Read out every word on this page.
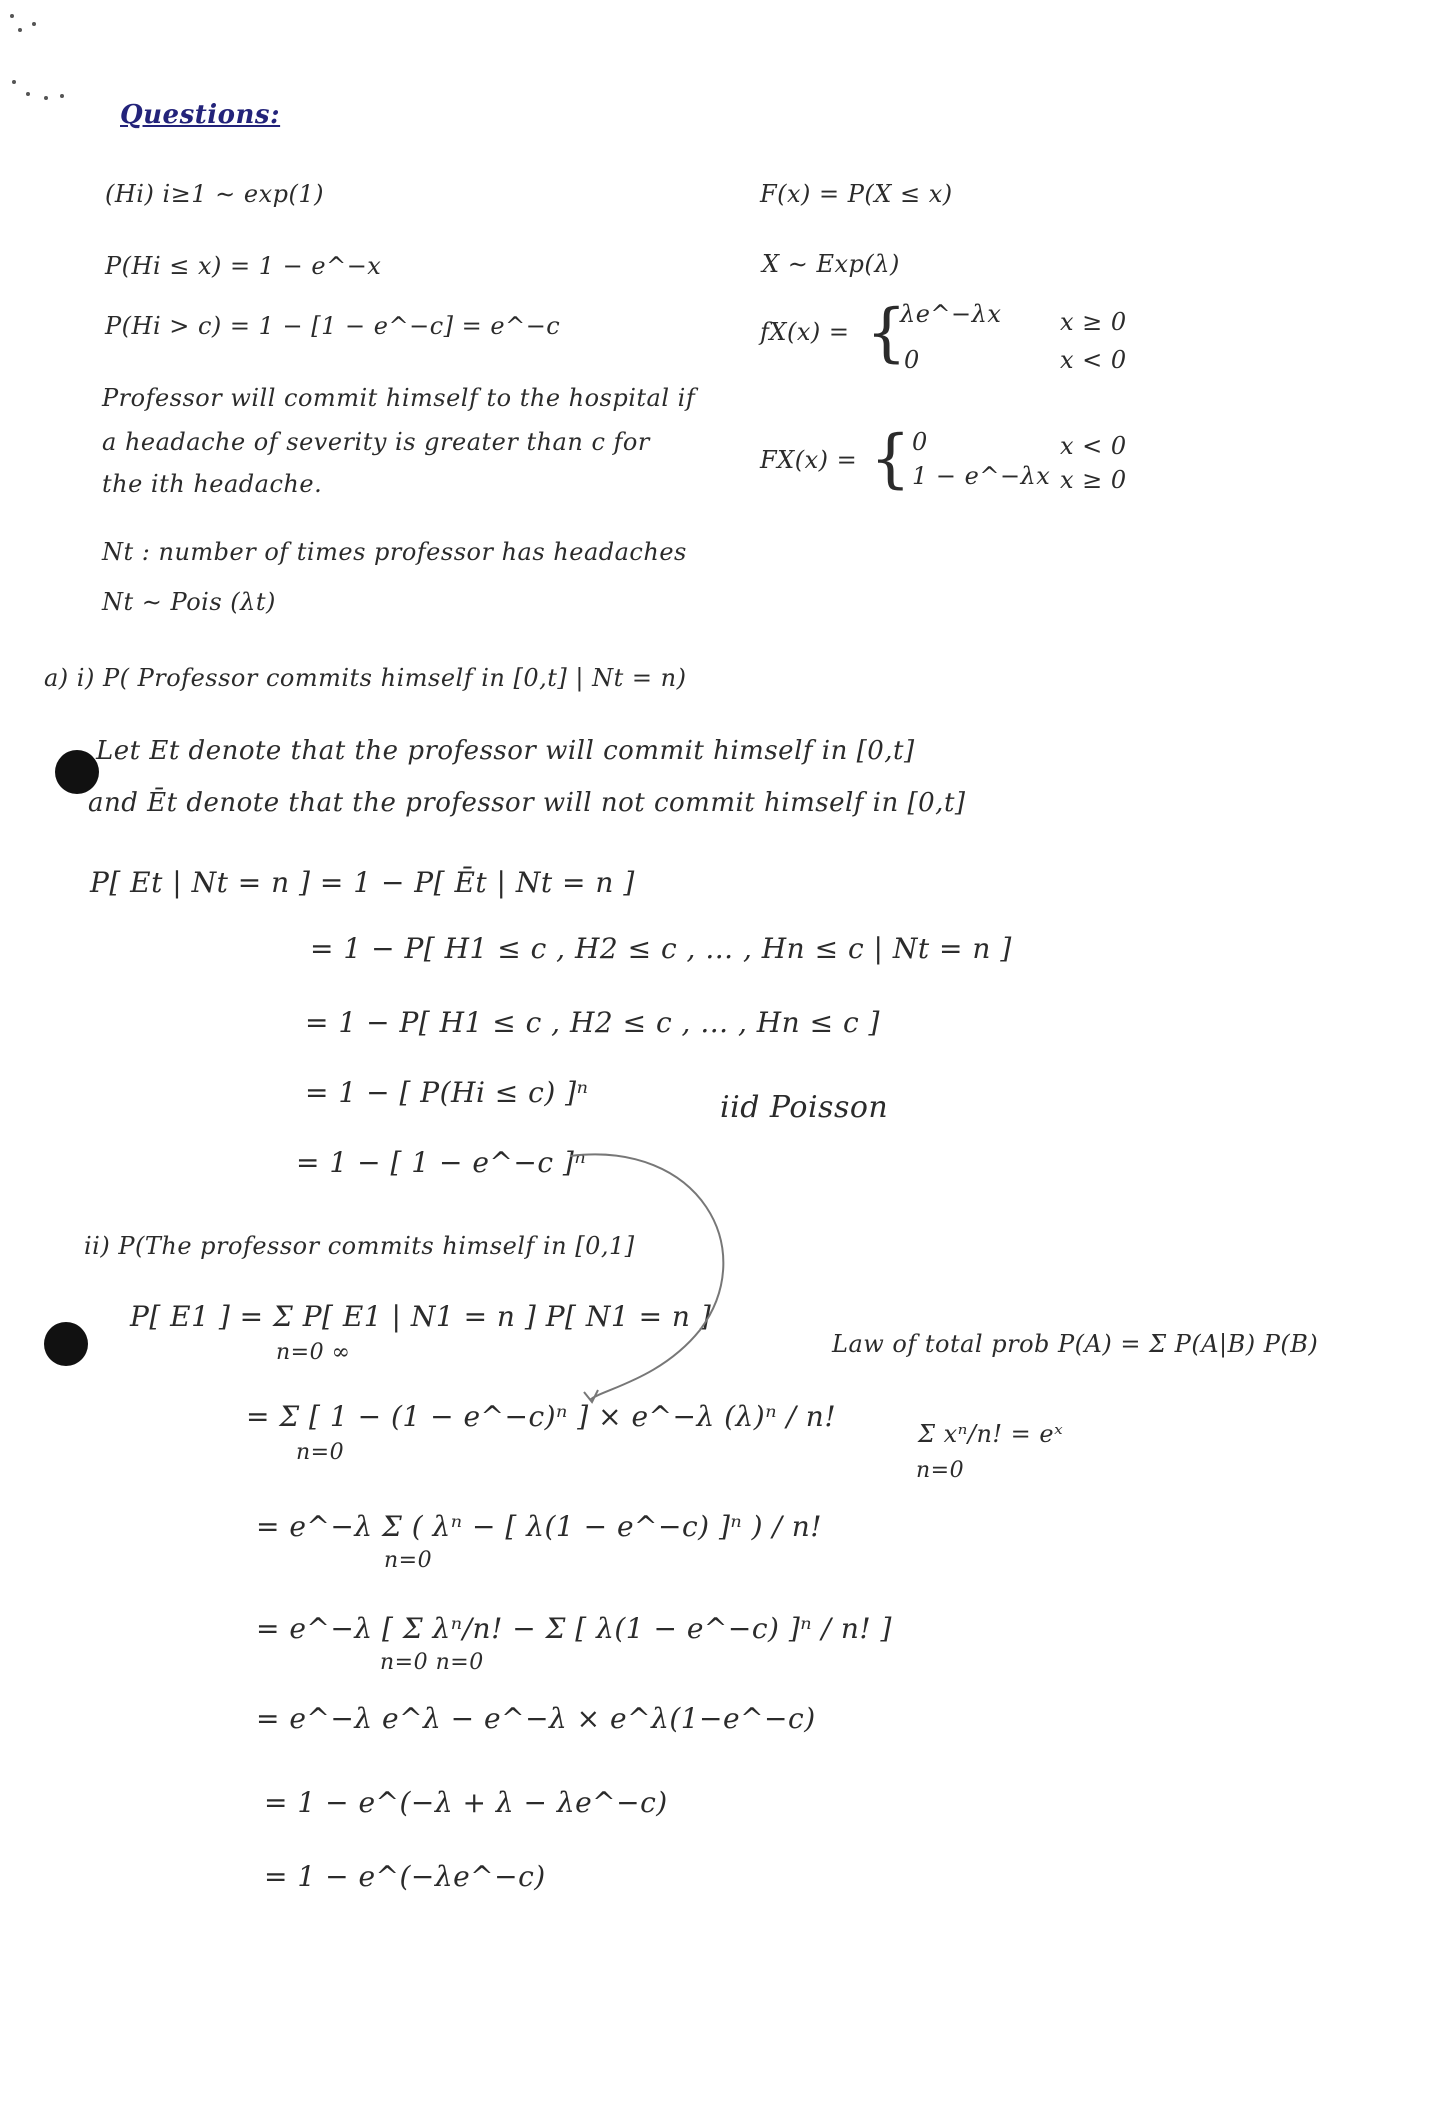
Questions:
(Hi) i≥1 ∼ exp(1)
P(Hi ≤ x) = 1 − e^−x
P(Hi > c) = 1 − [1 − e^−c] = e^−c
Professor will commit himself to the hospital if
a headache of severity is greater than c for
the ith headache.
Nt : number of times professor has headaches
Nt ∼ Pois (λt)
F(x) = P(X ≤ x)
X ∼ Exp(λ)
fX(x) = {
λe^−λx x ≥ 0
0	x < 0
FX(x) = { 0	x < 0
1 − e^−λx x ≥ 0
a) i) P( Professor commits himself in [0,t] | Nt = n)
Let Et denote that the professor will commit himself in [0,t]
and Ēt denote that the professor will not commit himself in [0,t]
P[ Et | Nt = n ] = 1 − P[ Ēt | Nt = n ]
= 1 − P[ H1 ≤ c , H2 ≤ c , ... , Hn ≤ c | Nt = n ]
= 1 − P[ H1 ≤ c , H2 ≤ c , ... , Hn ≤ c ]
= 1 − [ P(Hi ≤ c) ]ⁿ	iid Poisson
= 1 − [ 1 − e^−c ]ⁿ
ii) P(The professor commits himself in [0,1]
P[ E1 ] = Σ P[ E1 | N1 = n ] P[ N1 = n ]
n=0 ∞	Law of total prob P(A) = Σ P(A|B) P(B)
= Σ [ 1 − (1 − e^−c)ⁿ ] × e^−λ (λ)ⁿ / n!
n=0
Σ xⁿ/n! = eˣ
n=0
= e^−λ Σ ( λⁿ − [ λ(1 − e^−c) ]ⁿ ) / n!
n=0
= e^−λ [ Σ λⁿ/n! − Σ [ λ(1 − e^−c) ]ⁿ / n! ]
n=0 n=0
= e^−λ e^λ − e^−λ × e^λ(1−e^−c)
= 1 − e^(−λ + λ − λe^−c)
= 1 − e^(−λe^−c)
